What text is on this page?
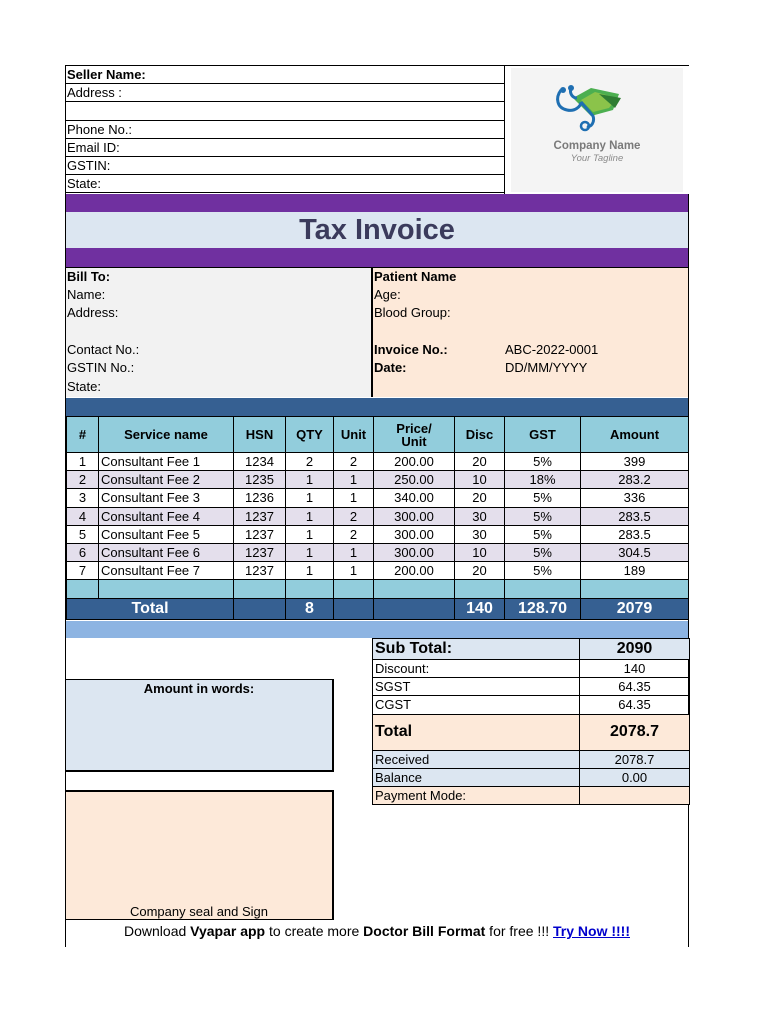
Seller Name:
Address :
Phone No.:
Email ID:
GSTIN:
State:
Company Name
Your Tagline
Tax Invoice
Bill To:
Name:
Address:
Contact No.:
GSTIN No.:
State:
Patient Name
Age:
Blood Group:
Invoice No.:	ABC-2022-0001
Date:	DD/MM/YYYY
#	Service name	HSN	QTY	Unit	Price/ Unit	Disc	GST	Amount
1	Consultant Fee 1	1234	2	2	200.00	20	5%	399
2	Consultant Fee 2	1235	1	1	250.00	10	18%	283.2
3	Consultant Fee 3	1236	1	1	340.00	20	5%	336
4	Consultant Fee 4	1237	1	2	300.00	30	5%	283.5
5	Consultant Fee 5	1237	1	2	300.00	30	5%	283.5
6	Consultant Fee 6	1237	1	1	300.00	10	5%	304.5
7	Consultant Fee 7	1237	1	1	200.00	20	5%	189

Total			8			140	128.70	2079
Sub Total:	2090
Discount:	140
SGST	64.35
CGST	64.35
Total	2078.7
Received	2078.7
Balance	0.00
Payment Mode:	
Amount in words:
Company seal and Sign
Download Vyapar app to create more Doctor Bill Format for free !!! Try Now !!!!
